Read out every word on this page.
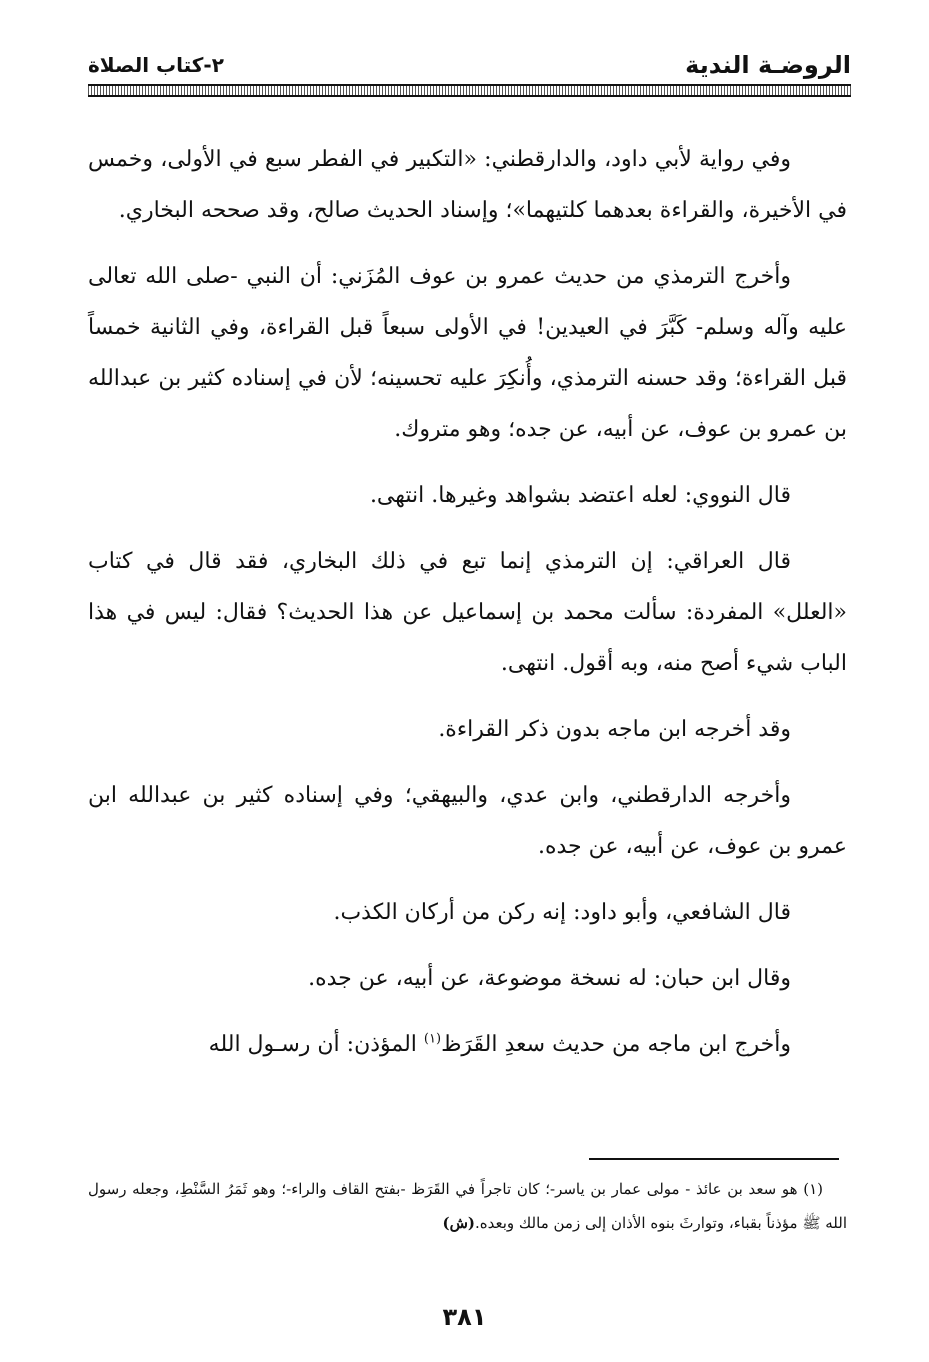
الروضـة الندية
٢-كتاب الصلاة

وفي رواية لأبي داود، والدارقطني: «التكبير في الفطر سبع في الأولى، وخمس في الأخيرة، والقراءة بعدهما كلتيهما»؛ وإسناد الحديث صالح، وقد صححه البخاري.

وأخرج الترمذي من حديث عمرو بن عوف المُزَني: أن النبي -صلى الله تعالى عليه وآله وسلم- كَبَّرَ في العيدين! في الأولى سبعاً قبل القراءة، وفي الثانية خمساً قبل القراءة؛ وقد حسنه الترمذي، وأُنكِرَ عليه تحسينه؛ لأن في إسناده كثير بن عبدالله بن عمرو بن عوف، عن أبيه، عن جده؛ وهو متروك.

قال النووي: لعله اعتضد بشواهد وغيرها. انتهى.

قال العراقي: إن الترمذي إنما تبع في ذلك البخاري، فقد قال في كتاب «العلل» المفردة: سألت محمد بن إسماعيل عن هذا الحديث؟ فقال: ليس في هذا الباب شيء أصح منه، وبه أقول. انتهى.

وقد أخرجه ابن ماجه بدون ذكر القراءة.

وأخرجه الدارقطني، وابن عدي، والبيهقي؛ وفي إسناده كثير بن عبدالله ابن عمرو بن عوف، عن أبيه، عن جده.

قال الشافعي، وأبو داود: إنه ركن من أركان الكذب.

وقال ابن حبان: له نسخة موضوعة، عن أبيه، عن جده.

وأخرج ابن ماجه من حديث سعدِ القَرَظ$^{(١)}$ المؤذن: أن رسـول الله

(١) هو سعد بن عائذ - مولى عمار بن ياسر-؛ كان تاجراً في القَرَظ -بفتح القاف والراء-؛ وهو ثَمَرُ السَّنْطِ، وجعله رسول الله ﷺ مؤذناً بقباء، وتوارثَ بنوه الأذان إلى زمن مالك وبعده.(ش)

٣٨١
